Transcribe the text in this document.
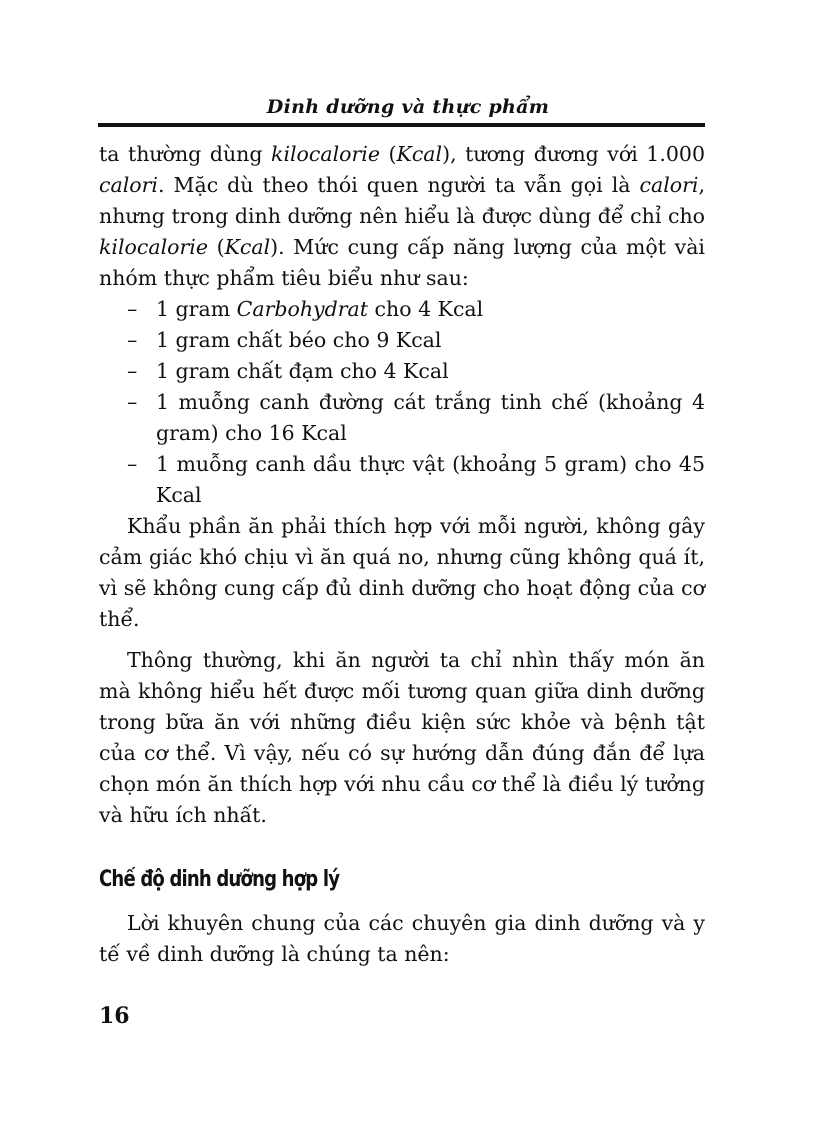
Dinh dưỡng và thực phẩm

ta thường dùng kilocalorie (Kcal), tương đương với 1.000 calori. Mặc dù theo thói quen người ta vẫn gọi là calori, nhưng trong dinh dưỡng nên hiểu là được dùng để chỉ cho kilocalorie (Kcal). Mức cung cấp năng lượng của một vài nhóm thực phẩm tiêu biểu như sau:

– 1 gram Carbohydrat cho 4 Kcal
– 1 gram chất béo cho 9 Kcal
– 1 gram chất đạm cho 4 Kcal
– 1 muỗng canh đường cát trắng tinh chế (khoảng 4 gram) cho 16 Kcal
– 1 muỗng canh dầu thực vật (khoảng 5 gram) cho 45 Kcal

Khẩu phần ăn phải thích hợp với mỗi người, không gây cảm giác khó chịu vì ăn quá no, nhưng cũng không quá ít, vì sẽ không cung cấp đủ dinh dưỡng cho hoạt động của cơ thể.

Thông thường, khi ăn người ta chỉ nhìn thấy món ăn mà không hiểu hết được mối tương quan giữa dinh dưỡng trong bữa ăn với những điều kiện sức khỏe và bệnh tật của cơ thể. Vì vậy, nếu có sự hướng dẫn đúng đắn để lựa chọn món ăn thích hợp với nhu cầu cơ thể là điều lý tưởng và hữu ích nhất.

Chế độ dinh dưỡng hợp lý

Lời khuyên chung của các chuyên gia dinh dưỡng và y tế về dinh dưỡng là chúng ta nên:

16
